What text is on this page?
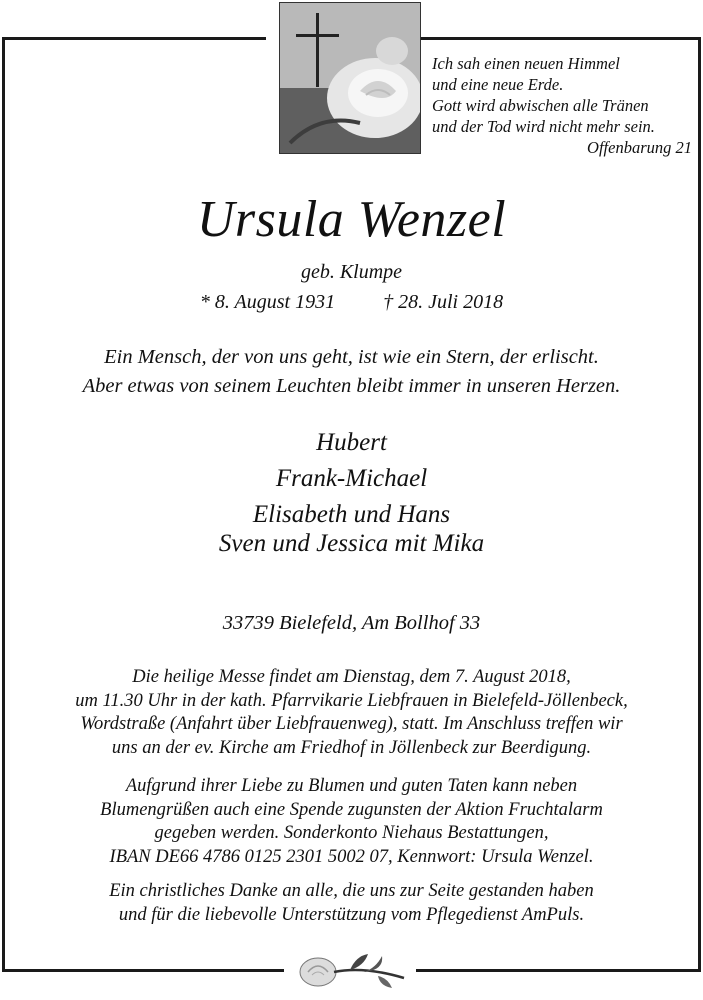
Ich sah einen neuen Himmel
und eine neue Erde.
Gott wird abwischen alle Tränen
und der Tod wird nicht mehr sein.
Offenbarung 21
Ursula Wenzel
geb. Klumpe
* 8. August 1931 † 28. Juli 2018
Ein Mensch, der von uns geht, ist wie ein Stern, der erlischt.
Aber etwas von seinem Leuchten bleibt immer in unseren Herzen.
Hubert
Frank-Michael
Elisabeth und Hans
Sven und Jessica mit Mika
33739 Bielefeld, Am Bollhof 33
Die heilige Messe findet am Dienstag, dem 7. August 2018,
um 11.30 Uhr in der kath. Pfarrvikarie Liebfrauen in Bielefeld-Jöllenbeck,
Wordstraße (Anfahrt über Liebfrauenweg), statt. Im Anschluss treffen wir
uns an der ev. Kirche am Friedhof in Jöllenbeck zur Beerdigung.
Aufgrund ihrer Liebe zu Blumen und guten Taten kann neben
Blumengrüßen auch eine Spende zugunsten der Aktion Fruchtalarm
gegeben werden. Sonderkonto Niehaus Bestattungen,
IBAN DE66 4786 0125 2301 5002 07, Kennwort: Ursula Wenzel.
Ein christliches Danke an alle, die uns zur Seite gestanden haben
und für die liebevolle Unterstützung vom Pflegedienst AmPuls.
